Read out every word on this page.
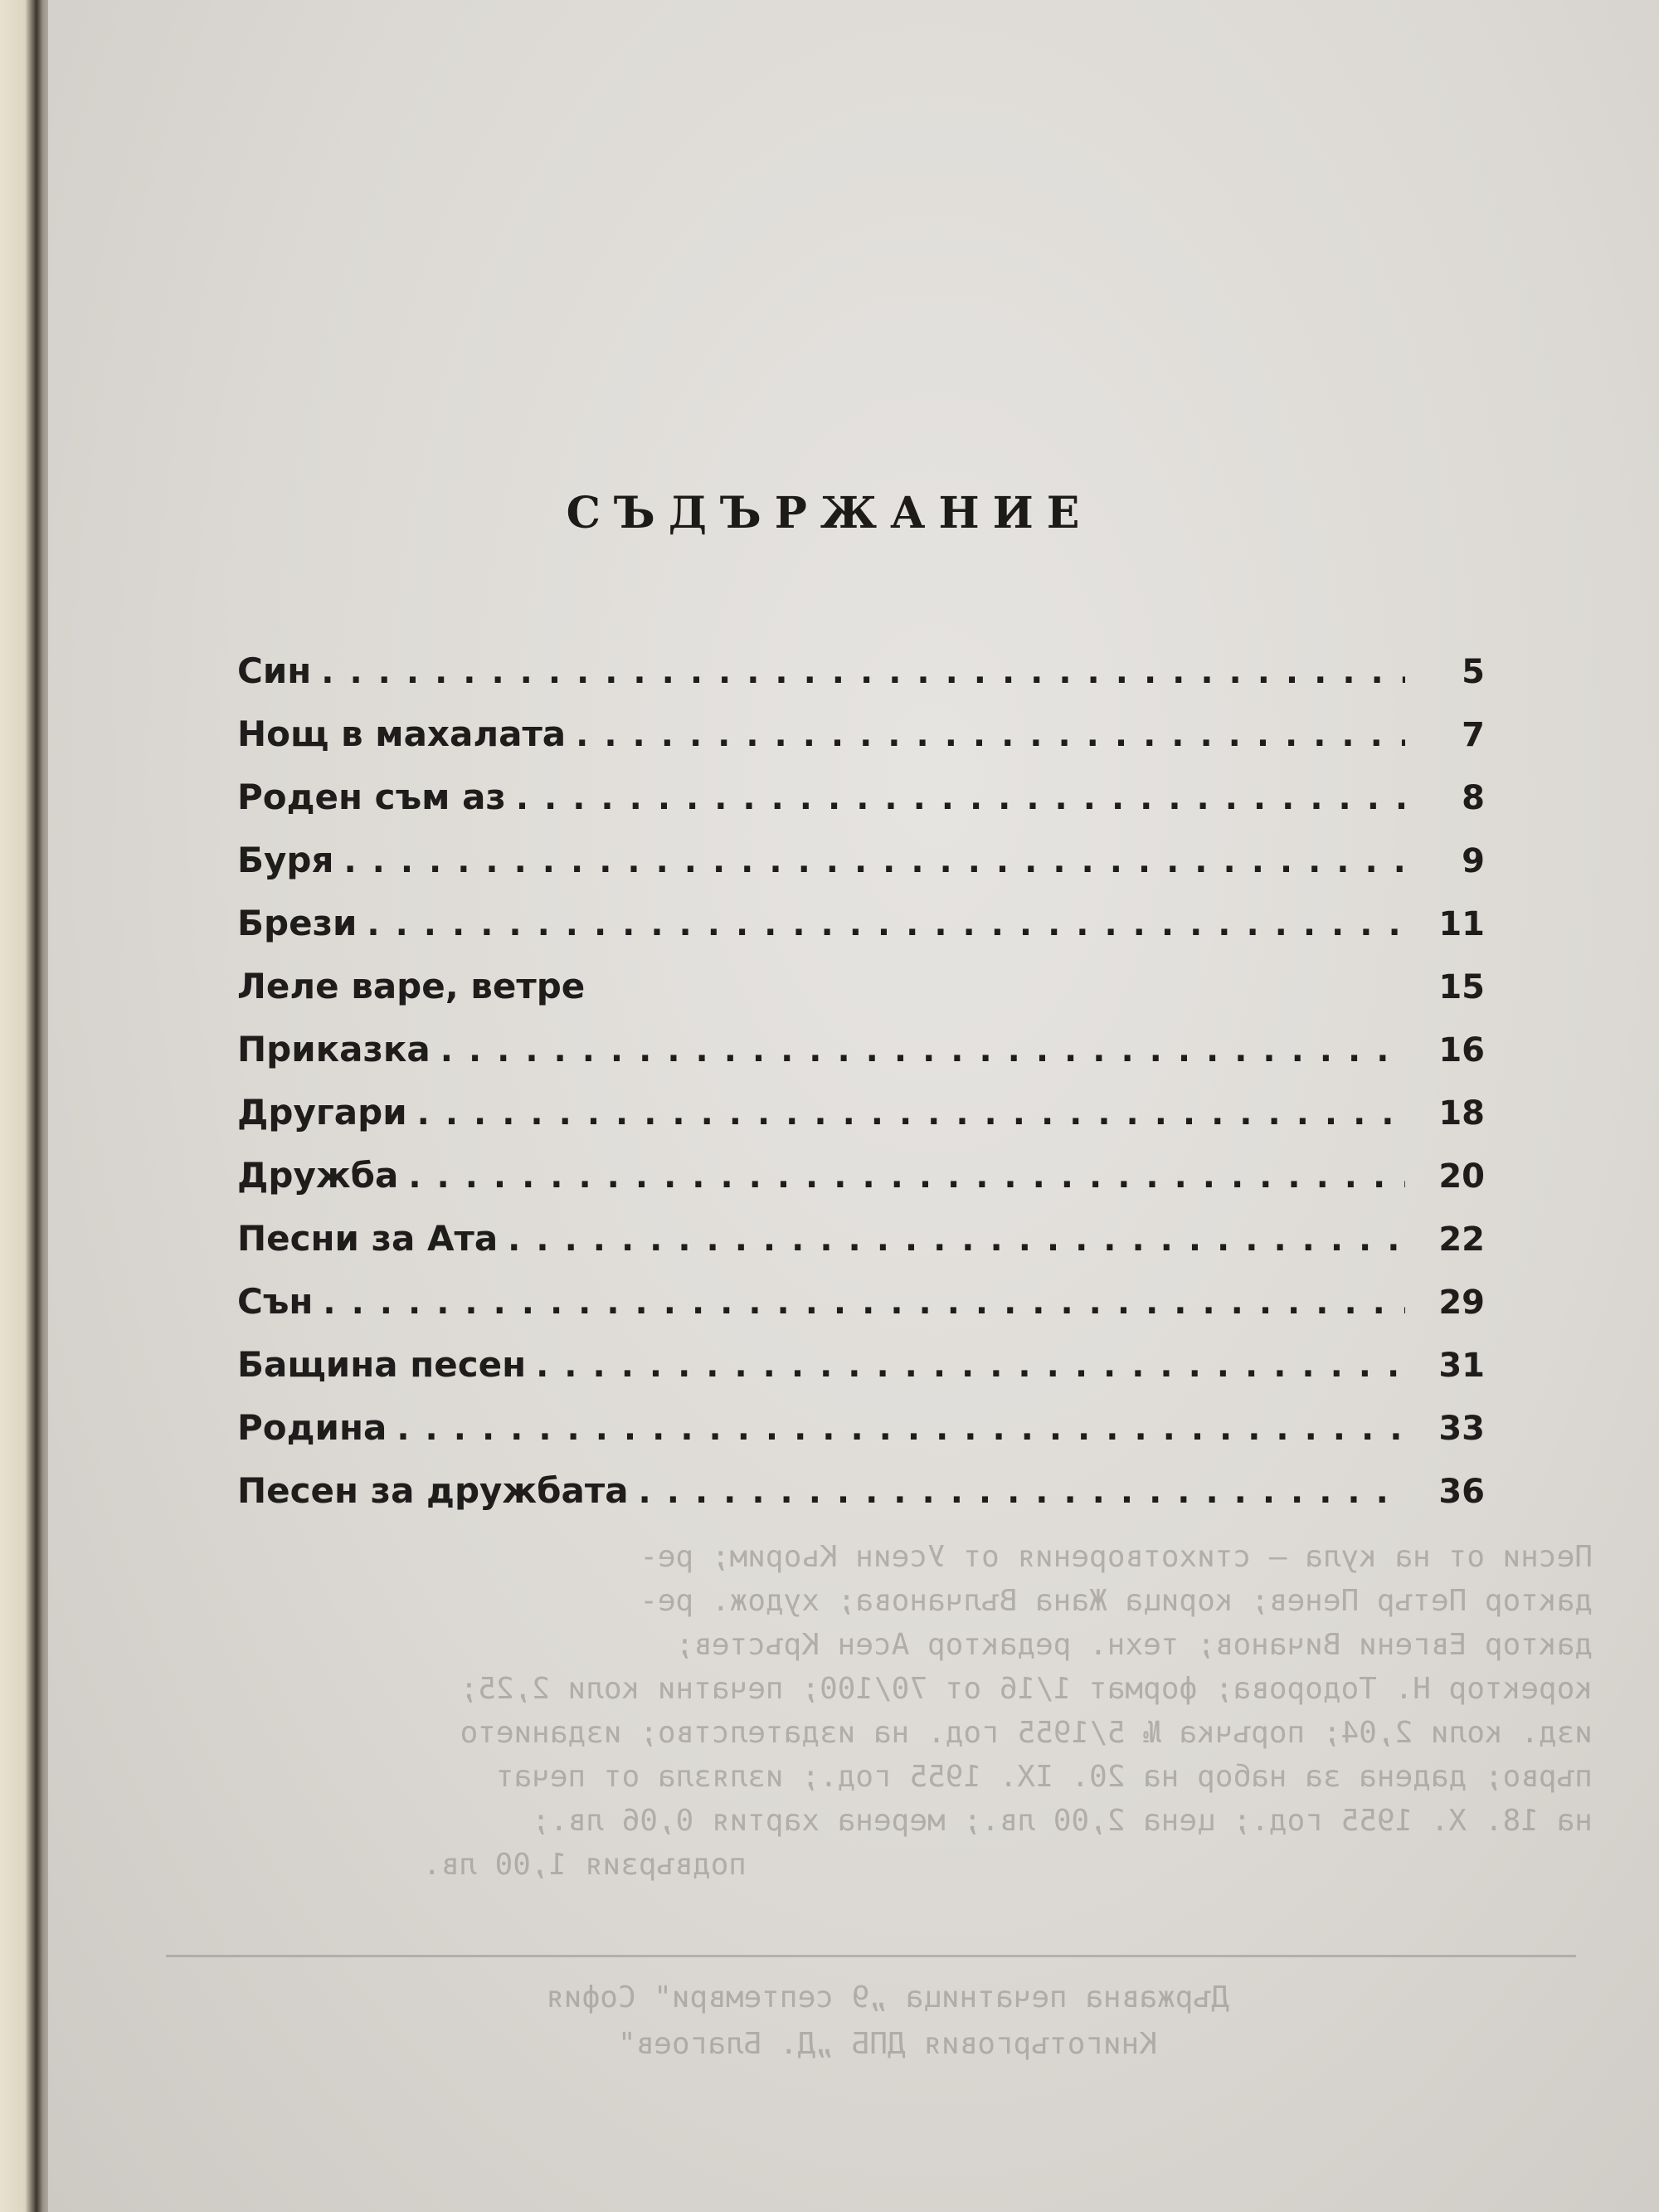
Песни от на кула — стихотворения от Усеин Кьорим; ре-

дактор Петър Пенев; корица Жана Вълчанова; худож. ре-

дактор Евгени Вичанов; техн. редактор Асен Кръстев;

коректор Н. Тодорова; формат 1/16 от 70/100; печатни коли 2,25;

изд. коли 2,04; поръчка № 5/1955 год. на издателство; изданието

първо; дадена за набор на 20. IX. 1955 год.; излязла от печат

на 18. X. 1955 год.; цена 2,00 лв.; мерена хартия 0,06 лв.;

подвързия 1,00 лв.

Държавна печатница „9 септември" София

Книготърговия ДПБ „Д. Благоев"

СЪДЪРЖАНИЕ
Син .....	5
Нощ в махалата .....	7
Роден съм аз .....	8
Буря .....	9
Брези .....	11
Леле варе, ветре	15
Приказка .....	16
Другари .....	18
Дружба .....	20
Песни за Ата .....	22
Сън .....	29
Бащина песен .....	31
Родина .....	33
Песен за дружбата .....	36
